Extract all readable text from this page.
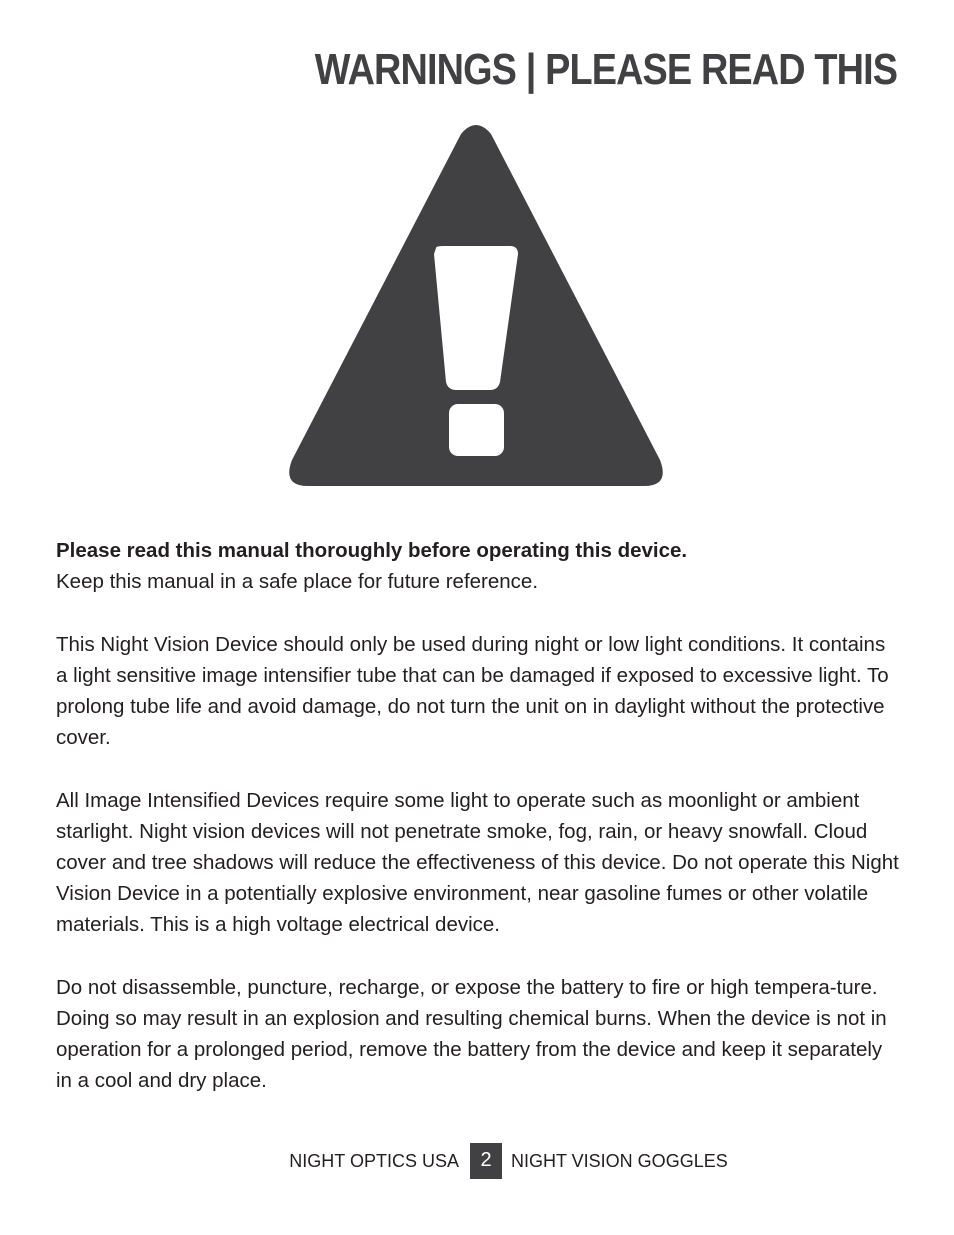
WARNINGS | PLEASE READ THIS

Please read this manual thoroughly before operating this device.

Keep this manual in a safe place for future reference.

This Night Vision Device should only be used during night or low light conditions. It contains a light sensitive image intensifier tube that can be damaged if exposed to excessive light. To prolong tube life and avoid damage, do not turn the unit on in daylight without the protective cover.

All Image Intensified Devices require some light to operate such as moonlight or ambient starlight. Night vision devices will not penetrate smoke, fog, rain, or heavy snowfall. Cloud cover and tree shadows will reduce the effectiveness of this device. Do not operate this Night Vision Device in a potentially explosive environment, near gasoline fumes or other volatile materials. This is a high voltage electrical device.

Do not disassemble, puncture, recharge, or expose the battery to fire or high tempera-ture. Doing so may result in an explosion and resulting chemical burns. When the device is not in operation for a prolonged period, remove the battery from the device and keep it separately in a cool and dry place.

NIGHT OPTICS USA	2	NIGHT VISION GOGGLES
